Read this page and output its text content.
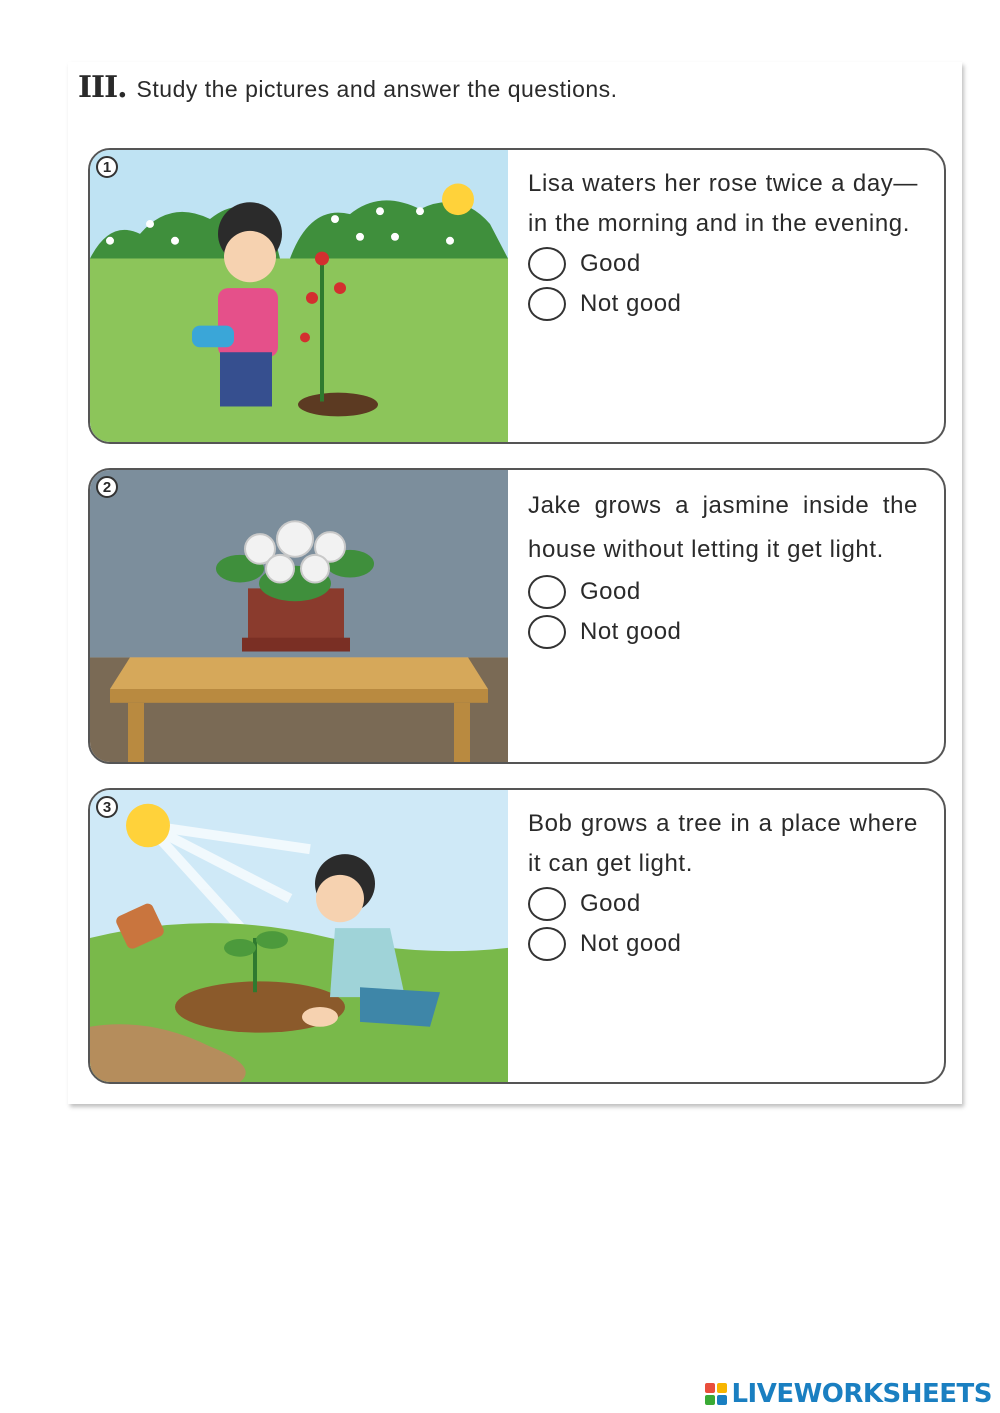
III. Study the pictures and answer the questions.
1
Lisa waters her rose twice a day—in the morning and in the evening.
Good
Not good
2
Jake grows a jasmine inside the house without letting it get light.
Good
Not good
3
Bob grows a tree in a place where it can get light.
Good
Not good
LIVEWORKSHEETS
